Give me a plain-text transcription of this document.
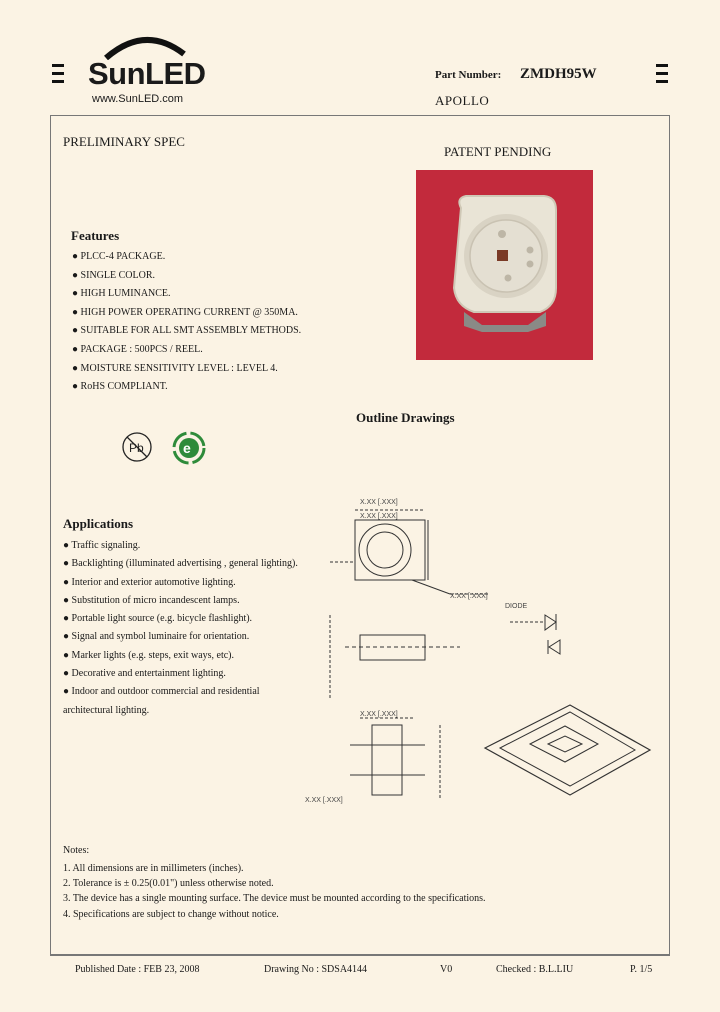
SunLED
www.SunLED.com
Part Number: ZMDH95W
APOLLO
PRELIMINARY SPEC
PATENT PENDING
Features
● PLCC-4 PACKAGE.
● SINGLE COLOR.
● HIGH LUMINANCE.
● HIGH POWER OPERATING CURRENT @ 350MA.
● SUITABLE FOR ALL SMT ASSEMBLY METHODS.
● PACKAGE : 500PCS / REEL.
● MOISTURE SENSITIVITY LEVEL : LEVEL 4.
● RoHS COMPLIANT.
Pb	e
Outline Drawings
X.XX [.XXX]
X.XX [.XXX]
X.XX [.XXX]
DIODE
X.XX [.XXX]
X.XX [.XXX]
Applications
● Traffic signaling.
● Backlighting (illuminated advertising , general lighting).
● Interior and exterior automotive lighting.
● Substitution of micro incandescent lamps.
● Portable light source (e.g. bicycle flashlight).
● Signal and symbol luminaire for orientation.
● Marker lights (e.g. steps, exit ways, etc).
● Decorative and entertainment lighting.
● Indoor and outdoor commercial and residential architectural lighting.
Notes:
1. All dimensions are in millimeters (inches).
2. Tolerance is ± 0.25(0.01") unless otherwise noted.
3. The device has a single mounting surface. The device must be mounted according to the specifications.
4. Specifications are subject to change without notice.
Published Date : FEB 23, 2008	Drawing No : SDSA4144	V0	Checked : B.L.LIU	P. 1/5
